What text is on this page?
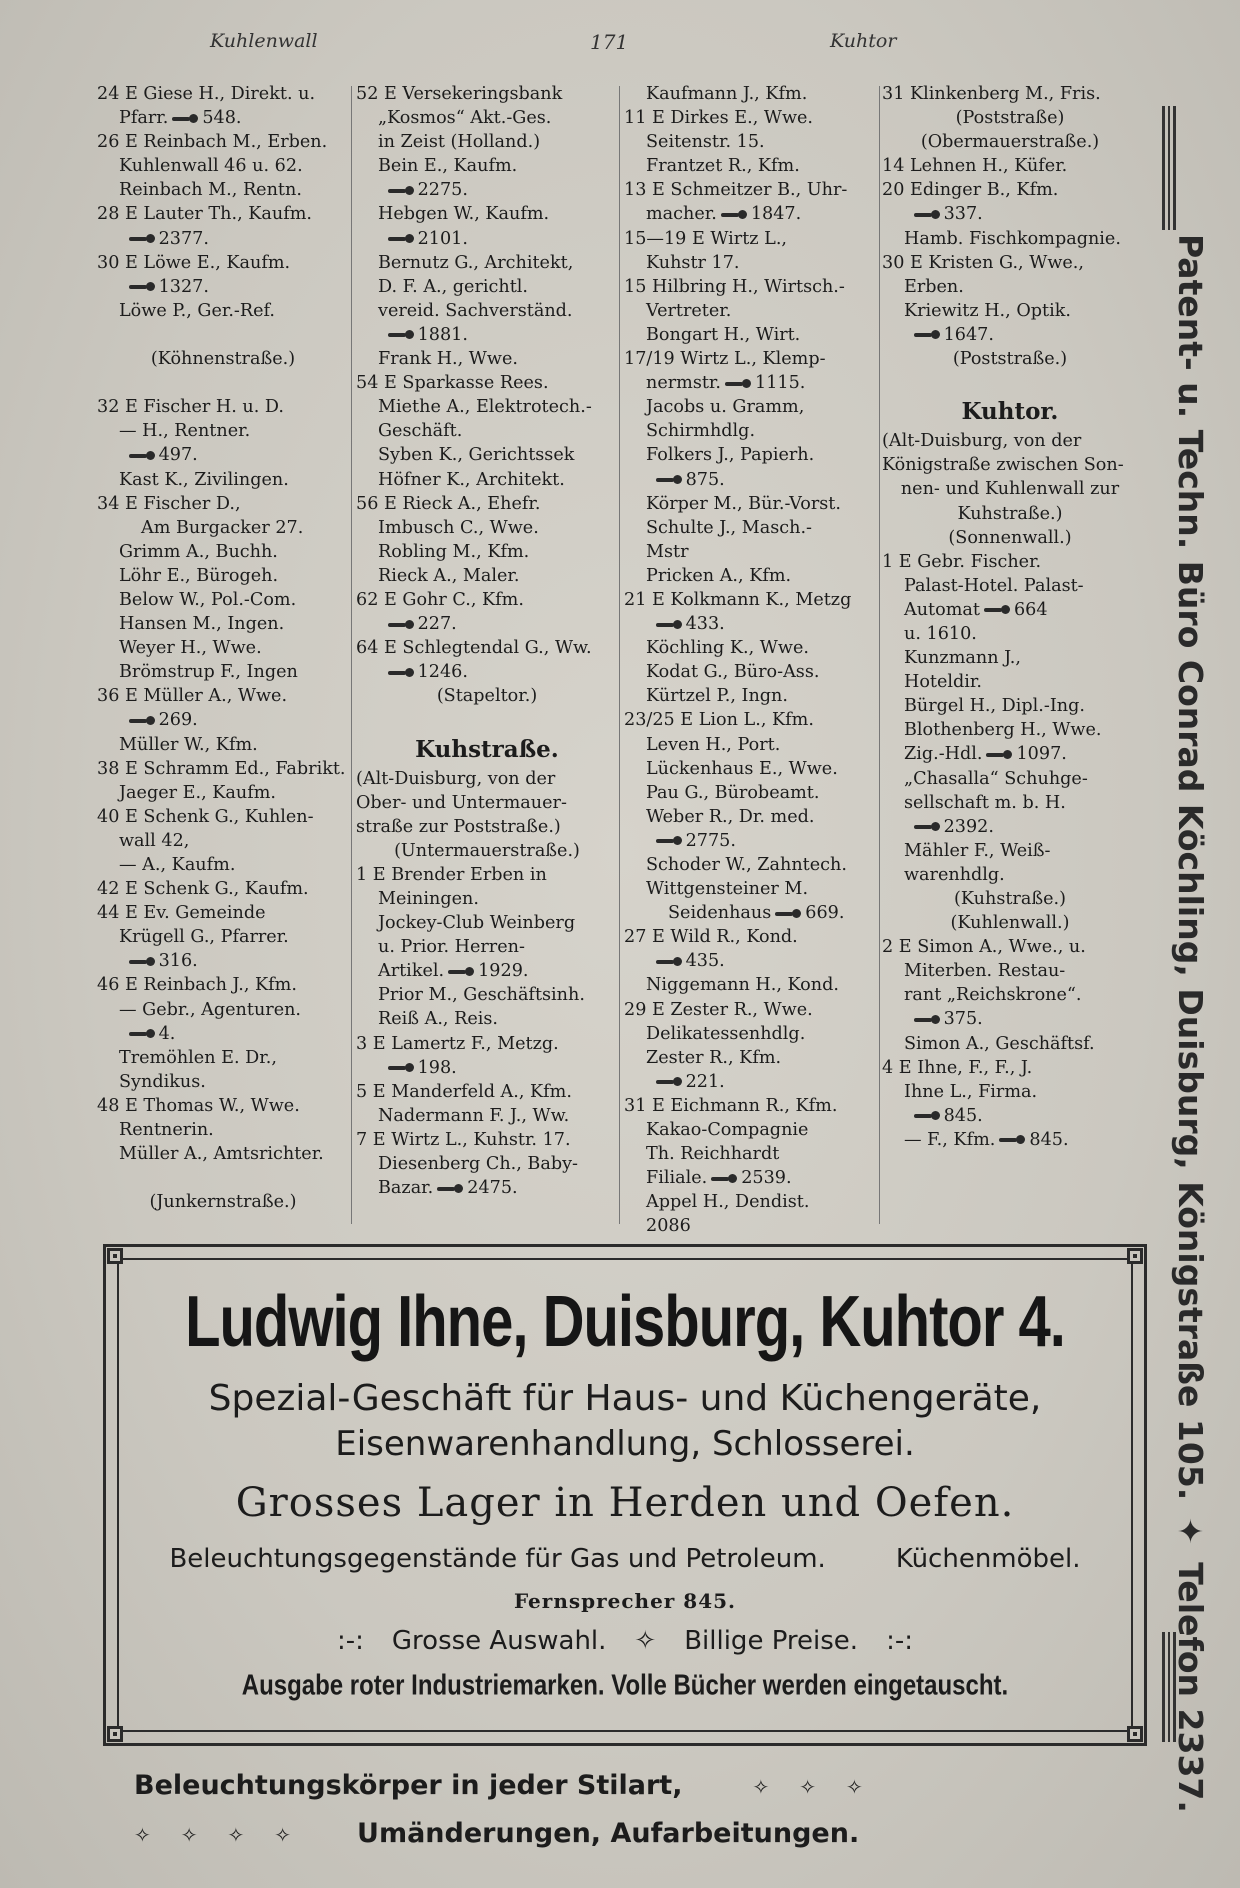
Kuhlenwall	171	Kuhtor
24 E Giese H., Direkt. u.
Pfarr. 548.
26 E Reinbach M., Erben.
Kuhlenwall 46 u. 62.
Reinbach M., Rentn.
28 E Lauter Th., Kaufm.
2377.
30 E Löwe E., Kaufm.
1327.
Löwe P., Ger.-Ref.

(Köhnenstraße.)

32 E Fischer H. u. D.
— H., Rentner.
497.
Kast K., Zivilingen.
34 E Fischer D.,
Am Burgacker 27.
Grimm A., Buchh.
Löhr E., Bürogeh.
Below W., Pol.-Com.
Hansen M., Ingen.
Weyer H., Wwe.
Brömstrup F., Ingen
36 E Müller A., Wwe.
269.
Müller W., Kfm.
38 E Schramm Ed., Fabrikt.
Jaeger E., Kaufm.
40 E Schenk G., Kuhlen-
wall 42,
— A., Kaufm.
42 E Schenk G., Kaufm.
44 E Ev. Gemeinde
Krügell G., Pfarrer.
316.
46 E Reinbach J., Kfm.
— Gebr., Agenturen.
4.
Tremöhlen E. Dr.,
Syndikus.
48 E Thomas W., Wwe.
Rentnerin.
Müller A., Amtsrichter.

(Junkernstraße.)
52 E Versekeringsbank
„Kosmos“ Akt.-Ges.
in Zeist (Holland.)
Bein E., Kaufm.
2275.
Hebgen W., Kaufm.
2101.
Bernutz G., Architekt,
D. F. A., gerichtl.
vereid. Sachverständ.
1881.
Frank H., Wwe.
54 E Sparkasse Rees.
Miethe A., Elektrotech.-
Geschäft.
Syben K., Gerichtssek
Höfner K., Architekt.
56 E Rieck A., Ehefr.
Imbusch C., Wwe.
Robling M., Kfm.
Rieck A., Maler.
62 E Gohr C., Kfm.
227.
64 E Schlegtendal G., Ww.
1246.
(Stapeltor.)

Kuhstraße.
(Alt-Duisburg, von der
Ober- und Untermauer-
straße zur Poststraße.)
(Untermauerstraße.)
1 E Brender Erben in
Meiningen.
Jockey-Club Weinberg
u. Prior. Herren-
Artikel. 1929.
Prior M., Geschäftsinh.
Reiß A., Reis.
3 E Lamertz F., Metzg.
198.
5 E Manderfeld A., Kfm.
Nadermann F. J., Ww.
7 E Wirtz L., Kuhstr. 17.
Diesenberg Ch., Baby-
Bazar. 2475.
Kaufmann J., Kfm.
11 E Dirkes E., Wwe.
Seitenstr. 15.
Frantzet R., Kfm.
13 E Schmeitzer B., Uhr-
macher. 1847.
15—19 E Wirtz L.,
Kuhstr 17.
15 Hilbring H., Wirtsch.-
Vertreter.
Bongart H., Wirt.
17/19 Wirtz L., Klemp-
nermstr. 1115.
Jacobs u. Gramm,
Schirmhdlg.
Folkers J., Papierh.
875.
Körper M., Bür.-Vorst.
Schulte J., Masch.-
Mstr
Pricken A., Kfm.
21 E Kolkmann K., Metzg
433.
Köchling K., Wwe.
Kodat G., Büro-Ass.
Kürtzel P., Ingn.
23/25 E Lion L., Kfm.
Leven H., Port.
Lückenhaus E., Wwe.
Pau G., Bürobeamt.
Weber R., Dr. med.
2775.
Schoder W., Zahntech.
Wittgensteiner M.
Seidenhaus 669.
27 E Wild R., Kond.
435.
Niggemann H., Kond.
29 E Zester R., Wwe.
Delikatessenhdlg.
Zester R., Kfm.
221.
31 E Eichmann R., Kfm.
Kakao-Compagnie
Th. Reichhardt
Filiale. 2539.
Appel H., Dendist.
2086
31 Klinkenberg M., Fris.
(Poststraße)
(Obermauerstraße.)
14 Lehnen H., Küfer.
20 Edinger B., Kfm.
337.
Hamb. Fischkompagnie.
30 E Kristen G., Wwe.,
Erben.
Kriewitz H., Optik.
1647.
(Poststraße.)

Kuhtor.
(Alt-Duisburg, von der
Königstraße zwischen Son-
nen- und Kuhlenwall zur
Kuhstraße.)
(Sonnenwall.)
1 E Gebr. Fischer.
Palast-Hotel. Palast-
Automat 664
u. 1610.
Kunzmann J.,
Hoteldir.
Bürgel H., Dipl.-Ing.
Blothenberg H., Wwe.
Zig.-Hdl. 1097.
„Chasalla“ Schuhge-
sellschaft m. b. H.
2392.
Mähler F., Weiß-
warenhdlg.
(Kuhstraße.)
(Kuhlenwall.)
2 E Simon A., Wwe., u.
Miterben. Restau-
rant „Reichskrone“.
375.
Simon A., Geschäftsf.
4 E Ihne, F., F., J.
Ihne L., Firma.
845.
— F., Kfm. 845.	Patent- u. Techn. Büro Conrad Köchling, Duisburg, Königstraße 105. ✦ Telefon 2337.
Ludwig Ihne, Duisburg, Kuhtor 4.
Spezial-Geschäft für Haus- und Küchengeräte,
Eisenwarenhandlung, Schlosserei.
Grosses Lager in Herden und Oefen.
Beleuchtungsgegenstände für Gas und Petroleum.	Küchenmöbel.
Fernsprecher 845.
:-: Grosse Auswahl. ✧ Billige Preise. :-:
Ausgabe roter Industriemarken. Volle Bücher werden eingetauscht.
Beleuchtungskörper in jeder Stilart,	✧✧✧
✧✧✧✧ Umänderungen, Aufarbeitungen.
